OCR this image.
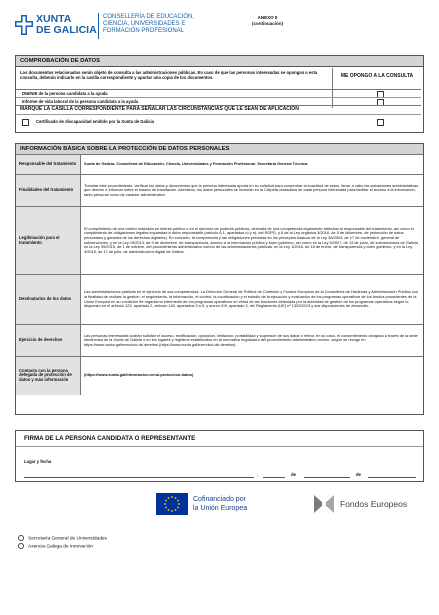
XUNTA
DE GALICIA
CONSELLERÍA DE EDUCACIÓN,
CIENCIA, UNIVERSIDADES E
FORMACIÓN PROFESIONAL
ANEXO II
(continuación)
COMPROBACIÓN DE DATOS
Los documentos relacionados serán objeto de consulta a las administraciones públicas. En caso de que las personas interesadas se opongan a esta consulta, deberán indicarlo en la casilla correspondiente y aportar una copia de los documentos.	ME OPONGO A LA CONSULTA
DNI/NIE de la persona candidata a la ayuda
Informe de vida laboral de la persona candidata a la ayuda
MARQUE LA CASILLA CORRESPONDIENTE PARA SEÑALAR LAS CIRCUNSTANCIAS QUE LE SEAN DE APLICACIÓN
Certificado de discapacidad emitido por la Xunta de Galicia
INFORMACIÓN BÁSICA SOBRE LA PROTECCIÓN DE DATOS PERSONALES
Responsable del tratamiento	Xunta de Galicia. Consellería de Educación, Ciencia, Universidades y Formación Profesional. Secretaría General Técnica.
Finalidades del tratamiento	Tramitar este procedimiento, verificar los datos y documentos que la persona interesada aporta en su solicitud para comprobar la exactitud de estos, llevar a cabo las actuaciones administrativas que deriven e informar sobre el estado de tramitación. Asimismo, los datos personales se incluirán en la Carpeta ciudadana de cada persona interesada para facilitar el acceso a la información, tanto personal como de carácter administrativo.
Legitimación para el tratamiento	El cumplimiento de una misión realizada en interés público o en el ejercicio de poderes públicos, derivada de una competencia legalmente atribuida al responsable del tratamiento, así como el cumplimiento de obligaciones legales impuestas a dicho responsable (artículo 6.1, apartados c) y e), del RGPD, y 8 de la Ley orgánica 3/2018, de 5 de diciembre, de protección de datos personales y garantía de los derechos digitales). En concreto, la competencia y las obligaciones previstas en los preceptos básicos de la Ley 38/2003, de 17 de noviembre, general de subvenciones, y en la Ley 19/2013, de 9 de diciembre, de transparencia, acceso a la información pública y buen gobierno, así como en la Ley 9/2007, de 13 de junio, de subvenciones de Galicia, en la Ley 39/2015, de 1 de octubre, del procedimiento administrativo común de las administraciones públicas, en la Ley 1/2016, de 18 de enero, de transparencia y buen gobierno, y en la Ley 4/2019, de 17 de julio, de administración digital de Galicia.
Destinatarios de los datos	Las administraciones públicas en el ejercicio de sus competencias. La Dirección General de Política de Cohesión y Fondos Europeos de la Consellería de Hacienda y Administración Pública con la finalidad de realizar la gestión, el seguimiento, la información, el control, la coordinación y el estudio de la ejecución y evaluación de los programas operativos de los fondos procedentes de la Unión Europea en su condición de organismo intermedio de los programas operativos en virtud de las funciones atribuidas por la autoridad de gestión de los programas operativos según lo dispuesto en el artículo 123, apartado 2, artículo 140, apartados 3 a 5, y anexo XIII, apartado 3, del Reglamento (UE) nº 1303/2013 y sus disposiciones de desarrollo.
Ejercicio de derechos	Las personas interesadas podrán solicitar el acceso, rectificación, oposición, limitación, portabilidad y supresión de sus datos o retirar, en su caso, el consentimiento otorgado a través de la sede electrónica de la Xunta de Galicia o en los lugares y registros establecidos en la normativa reguladora del procedimiento administrativo común, según se recoge en https://www.xunta.gal/exercicio-de-dereitos (https://www.xunta.gal/exercicio-de-dereitos)
Contacto con la persona delegada de protección de datos y más información	(https://www.xunta.gal/informacion-xeral-proteccion-datos)
FIRMA DE LA PERSONA CANDIDATA O REPRESENTANTE
Lugar y fecha
,	de	de
Cofinanciado por
la Unión Europea	Fondos Europeos
Secretaría General de Universidades
Axencia Galega de Innovación
